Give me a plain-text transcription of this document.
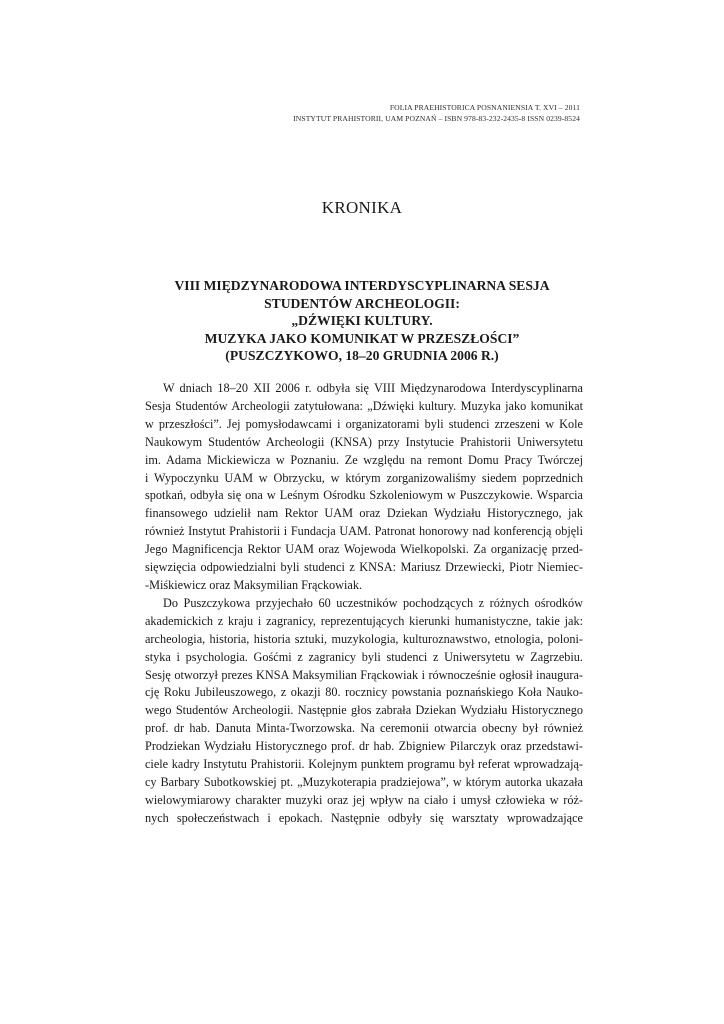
FOLIA PRAEHISTORICA POSNANIENSIA T. XVI – 2011
INSTYTUT PRAHISTORII, UAM POZNAŃ – ISBN 978-83-232-2435-8 ISSN 0239-8524
KRONIKA
VIII MIĘDZYNARODOWA INTERDYSCYPLINARNA SESJA
STUDENTÓW ARCHEOLOGII:
„DŹWIĘKI KULTURY.
MUZYKA JAKO KOMUNIKAT W PRZESZŁOŚCI”
(PUSZCZYKOWO, 18–20 GRUDNIA 2006 R.)

W dniach 18–20 XII 2006 r. odbyła się VIII Międzynarodowa Interdyscyplinarna
Sesja Studentów Archeologii zatytułowana: „Dźwięki kultury. Muzyka jako komunikat
w przeszłości”. Jej pomysłodawcami i organizatorami byli studenci zrzeszeni w Kole
Naukowym Studentów Archeologii (KNSA) przy Instytucie Prahistorii Uniwersytetu
im. Adama Mickiewicza w Poznaniu. Ze względu na remont Domu Pracy Twórczej
i Wypoczynku UAM w Obrzycku, w którym zorganizowaliśmy siedem poprzednich
spotkań, odbyła się ona w Leśnym Ośrodku Szkoleniowym w Puszczykowie. Wsparcia
finansowego udzielił nam Rektor UAM oraz Dziekan Wydziału Historycznego, jak
również Instytut Prahistorii i Fundacja UAM. Patronat honorowy nad konferencją objęli
Jego Magnificencja Rektor UAM oraz Wojewoda Wielkopolski. Za organizację przed-
sięwzięcia odpowiedzialni byli studenci z KNSA: Mariusz Drzewiecki, Piotr Niemiec-
-Miśkiewicz oraz Maksymilian Frąckowiak.

Do Puszczykowa przyjechało 60 uczestników pochodzących z różnych ośrodków
akademickich z kraju i zagranicy, reprezentujących kierunki humanistyczne, takie jak:
archeologia, historia, historia sztuki, muzykologia, kulturoznawstwo, etnologia, poloni-
styka i psychologia. Gośćmi z zagranicy byli studenci z Uniwersytetu w Zagrzebiu.
Sesję otworzył prezes KNSA Maksymilian Frąckowiak i równocześnie ogłosił inaugura-
cję Roku Jubileuszowego, z okazji 80. rocznicy powstania poznańskiego Koła Nauko-
wego Studentów Archeologii. Następnie głos zabrała Dziekan Wydziału Historycznego
prof. dr hab. Danuta Minta-Tworzowska. Na ceremonii otwarcia obecny był również
Prodziekan Wydziału Historycznego prof. dr hab. Zbigniew Pilarczyk oraz przedstawi-
ciele kadry Instytutu Prahistorii. Kolejnym punktem programu był referat wprowadzają-
cy Barbary Subotkowskiej pt. „Muzykoterapia pradziejowa”, w którym autorka ukazała
wielowymiarowy charakter muzyki oraz jej wpływ na ciało i umysł człowieka w róż-
nych społeczeństwach i epokach. Następnie odbyły się warsztaty wprowadzające
